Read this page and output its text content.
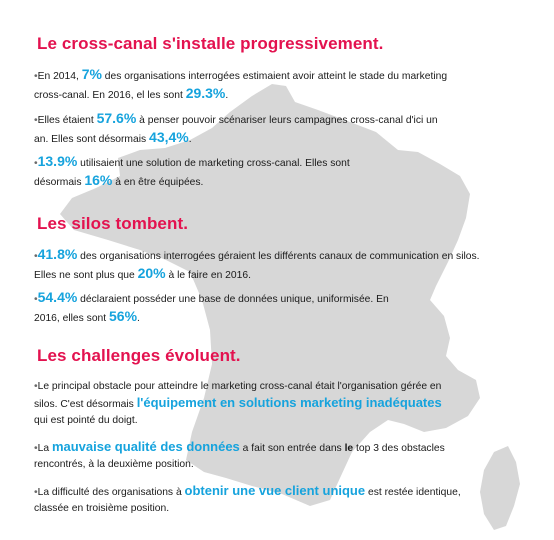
Le cross-canal s'installe progressivement.

•En 2014, 7% des organisations interrogées estimaient avoir atteint le stade du marketing cross-canal. En 2016, el les sont 29.3%.

•Elles étaient 57.6% à penser pouvoir scénariser leurs campagnes cross-canal d'ici un an. Elles sont désormais 43,4%.

•13.9% utilisaient une solution de marketing cross-canal. Elles sont désormais 16% à en être équipées.

Les silos tombent.

•41.8% des organisations interrogées géraient les différents canaux de communication en silos. Elles ne sont plus que 20% à le faire en 2016.

•54.4% déclaraient posséder une base de données unique, uniformisée. En 2016, elles sont 56%.

Les challenges évoluent.

•Le principal obstacle pour atteindre le marketing cross-canal était l'organisation gérée en silos. C'est désormais l'équipement en solutions marketing inadéquates qui est pointé du doigt.

•La mauvaise qualité des données a fait son entrée dans le top 3 des obstacles rencontrés, à la deuxième position.

•La difficulté des organisations à obtenir une vue client unique est restée identique, classée en troisième position.
